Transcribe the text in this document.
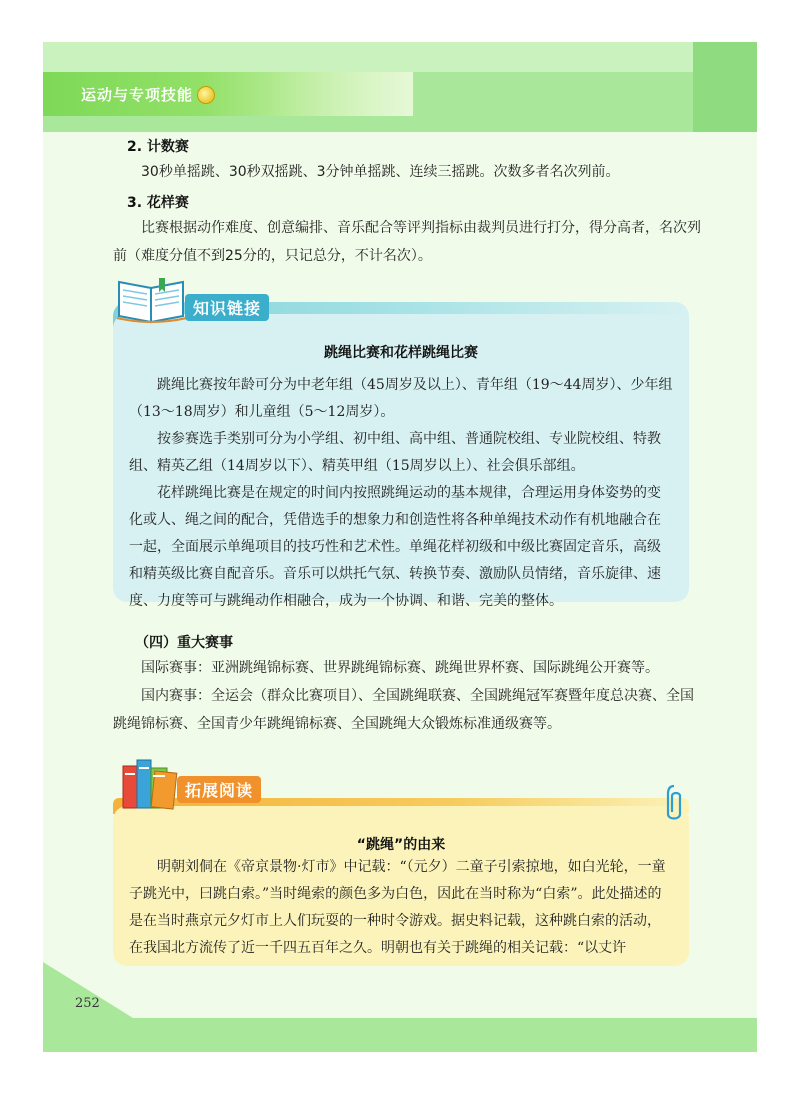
运动与专项技能
2. 计数赛
30秒单摇跳、30秒双摇跳、3分钟单摇跳、连续三摇跳。次数多者名次列前。
3. 花样赛
比赛根据动作难度、创意编排、音乐配合等评判指标由裁判员进行打分，得分高者，名次列前（难度分值不到25分的，只记总分，不计名次）。
知识链接
跳绳比赛和花样跳绳比赛
跳绳比赛按年龄可分为中老年组（45周岁及以上）、青年组（19～44周岁）、少年组（13～18周岁）和儿童组（5～12周岁）。
按参赛选手类别可分为小学组、初中组、高中组、普通院校组、专业院校组、特教组、精英乙组（14周岁以下）、精英甲组（15周岁以上）、社会俱乐部组。
花样跳绳比赛是在规定的时间内按照跳绳运动的基本规律，合理运用身体姿势的变化或人、绳之间的配合，凭借选手的想象力和创造性将各种单绳技术动作有机地融合在一起，全面展示单绳项目的技巧性和艺术性。单绳花样初级和中级比赛固定音乐，高级和精英级比赛自配音乐。音乐可以烘托气氛、转换节奏、激励队员情绪，音乐旋律、速度、力度等可与跳绳动作相融合，成为一个协调、和谐、完美的整体。
（四）重大赛事
国际赛事：亚洲跳绳锦标赛、世界跳绳锦标赛、跳绳世界杯赛、国际跳绳公开赛等。
国内赛事：全运会（群众比赛项目）、全国跳绳联赛、全国跳绳冠军赛暨年度总决赛、全国跳绳锦标赛、全国青少年跳绳锦标赛、全国跳绳大众锻炼标准通级赛等。
拓展阅读
“跳绳”的由来
明朝刘侗在《帝京景物·灯市》中记载：“（元夕）二童子引索掠地，如白光轮，一童子跳光中，曰跳白索。”当时绳索的颜色多为白色，因此在当时称为“白索”。此处描述的是在当时燕京元夕灯市上人们玩耍的一种时令游戏。据史料记载，这种跳白索的活动，在我国北方流传了近一千四五百年之久。明朝也有关于跳绳的相关记载：“以丈许
252
